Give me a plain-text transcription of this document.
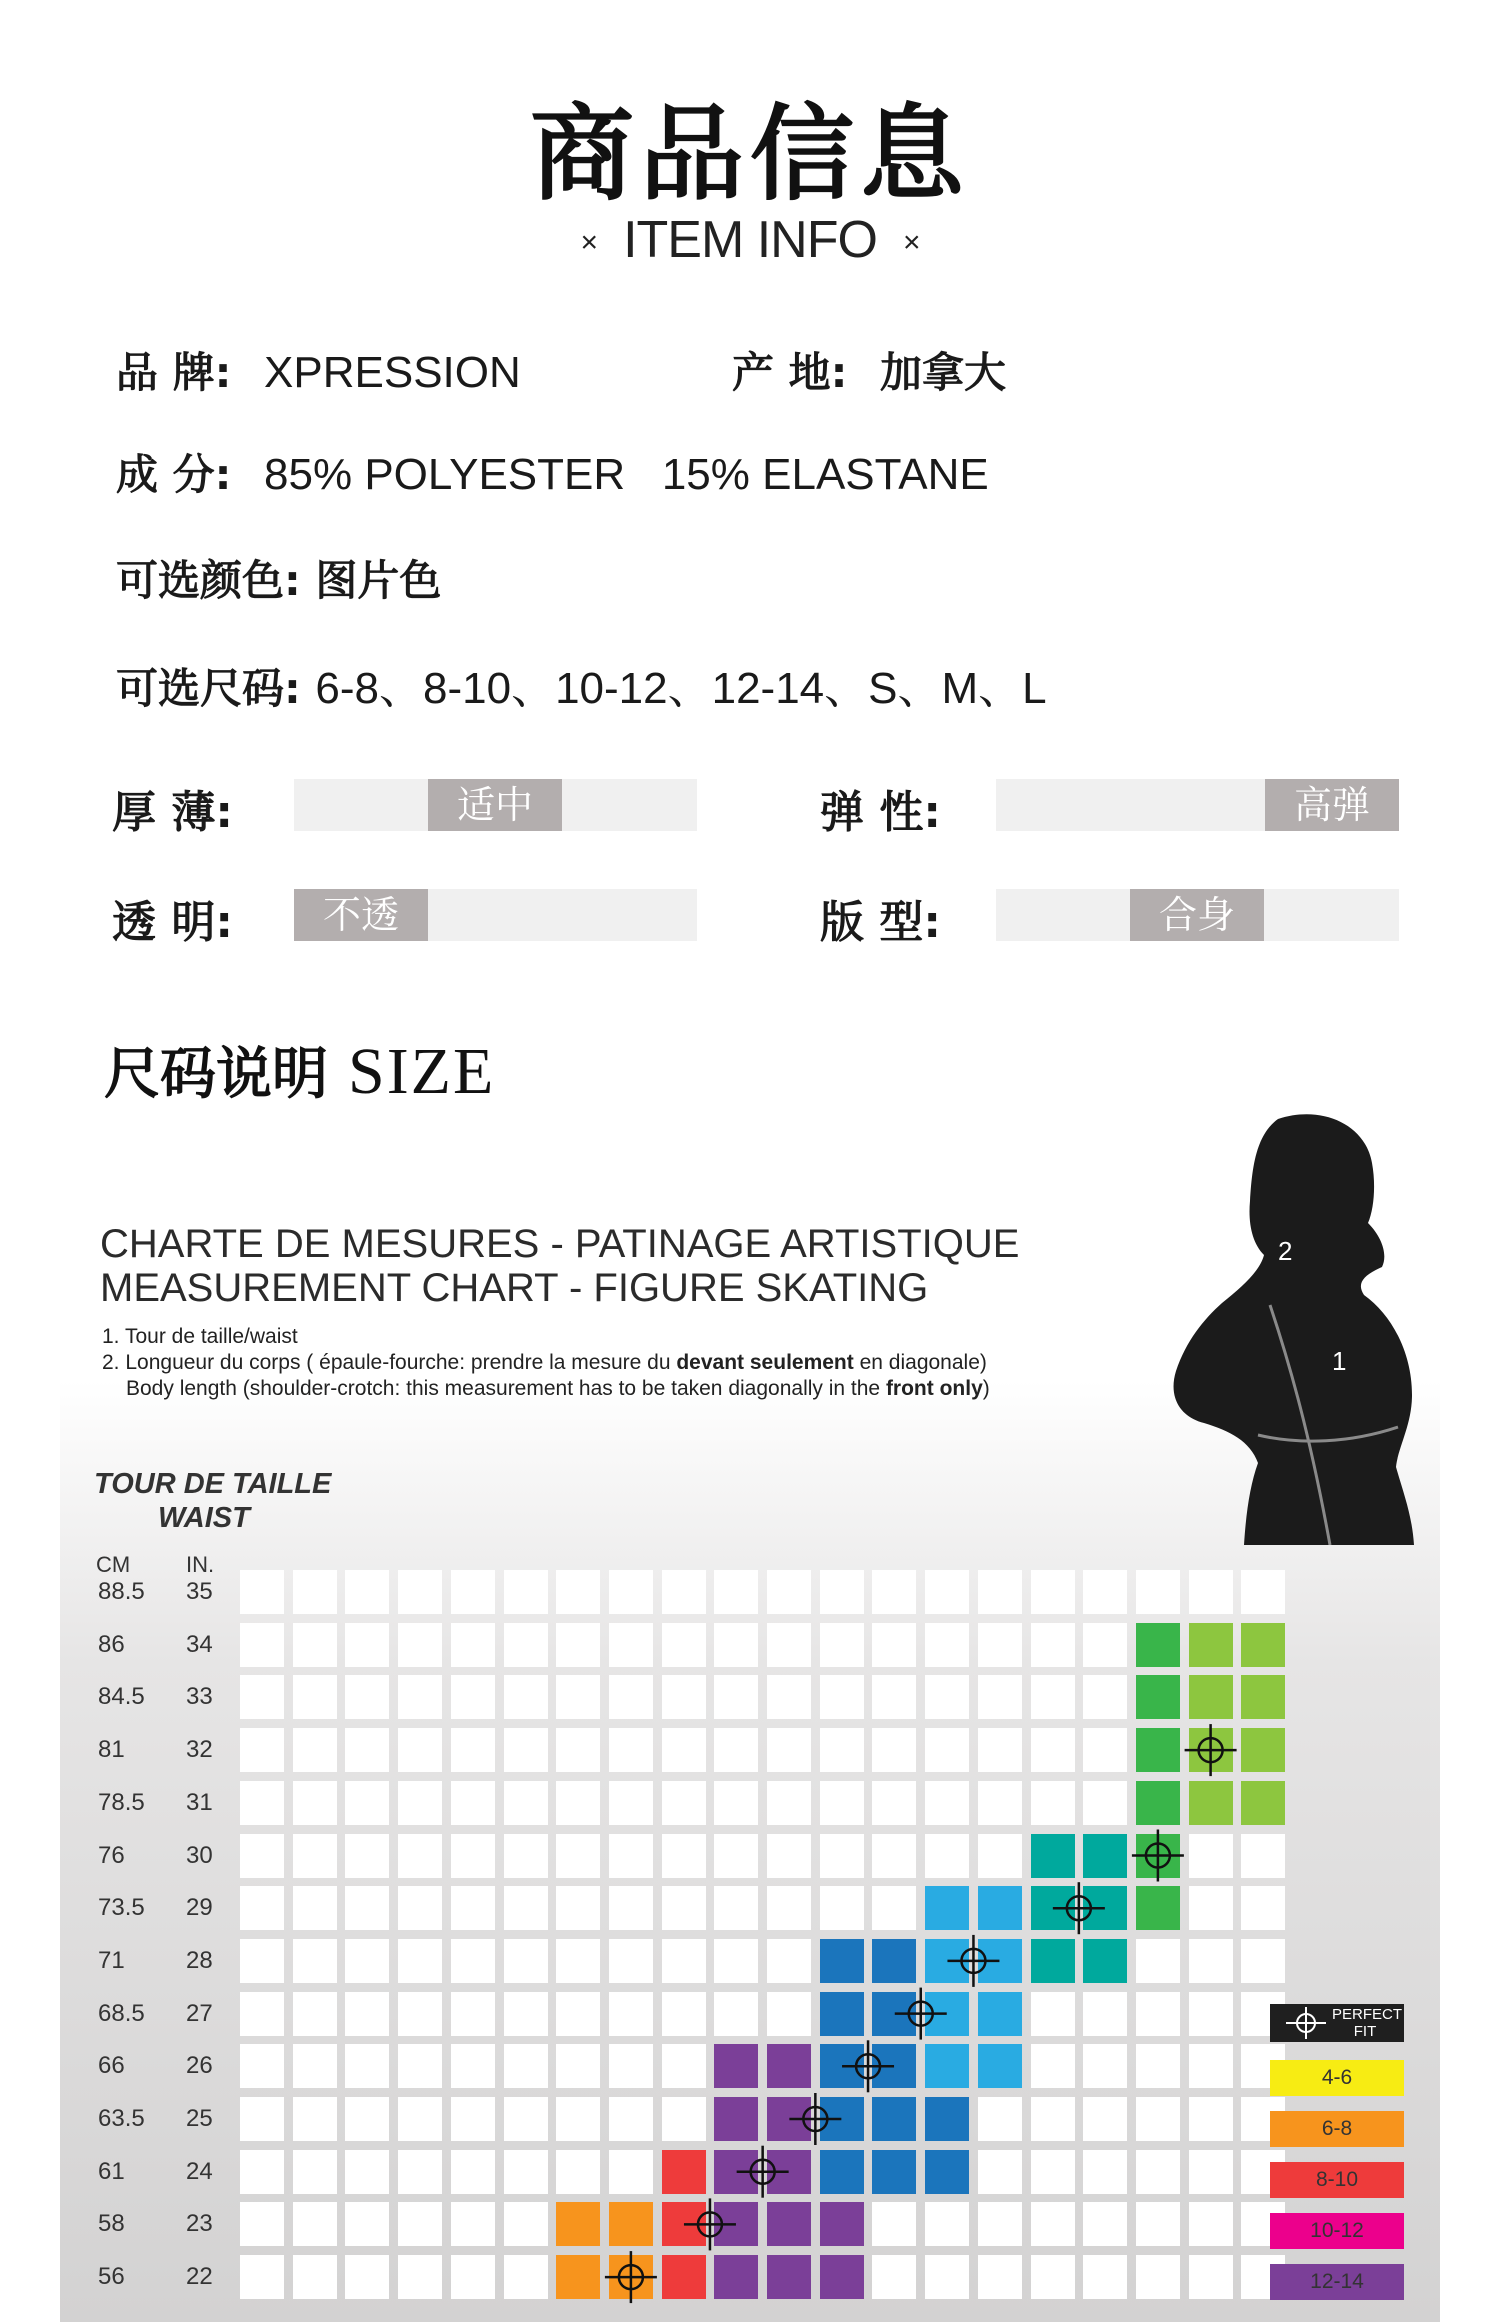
商品信息
× ITEM INFO ×
品 牌: XPRESSION	产 地: 加拿大
成 分: 85% POLYESTER   15% ELASTANE
可选颜色: 图片色
可选尺码: 6-8、8-10、10-12、12-14、S、M、L
厚 薄:	适中	弹 性:	高弹
透 明:	不透	版 型:	合身
尺码说明 SIZE
2
1
CHARTE DE MESURES - PATINAGE ARTISTIQUE
MEASUREMENT CHART - FIGURE SKATING
1. Tour de taille/waist
2. Longueur du corps ( épaule-fourche: prendre la mesure du devant seulement en diagonale)
Body length (shoulder-crotch: this measurement has to be taken diagonally in the front only)
TOUR DE TAILLE
WAIST
CM	IN.
88.5	35
86	34
84.5	33
81	32
78.5	31
76	30
73.5	29
71	28
68.5	27
66	26
63.5	25
61	24
58	23
56	22
PERFECT FIT
4-6
6-8
8-10
10-12
12-14
